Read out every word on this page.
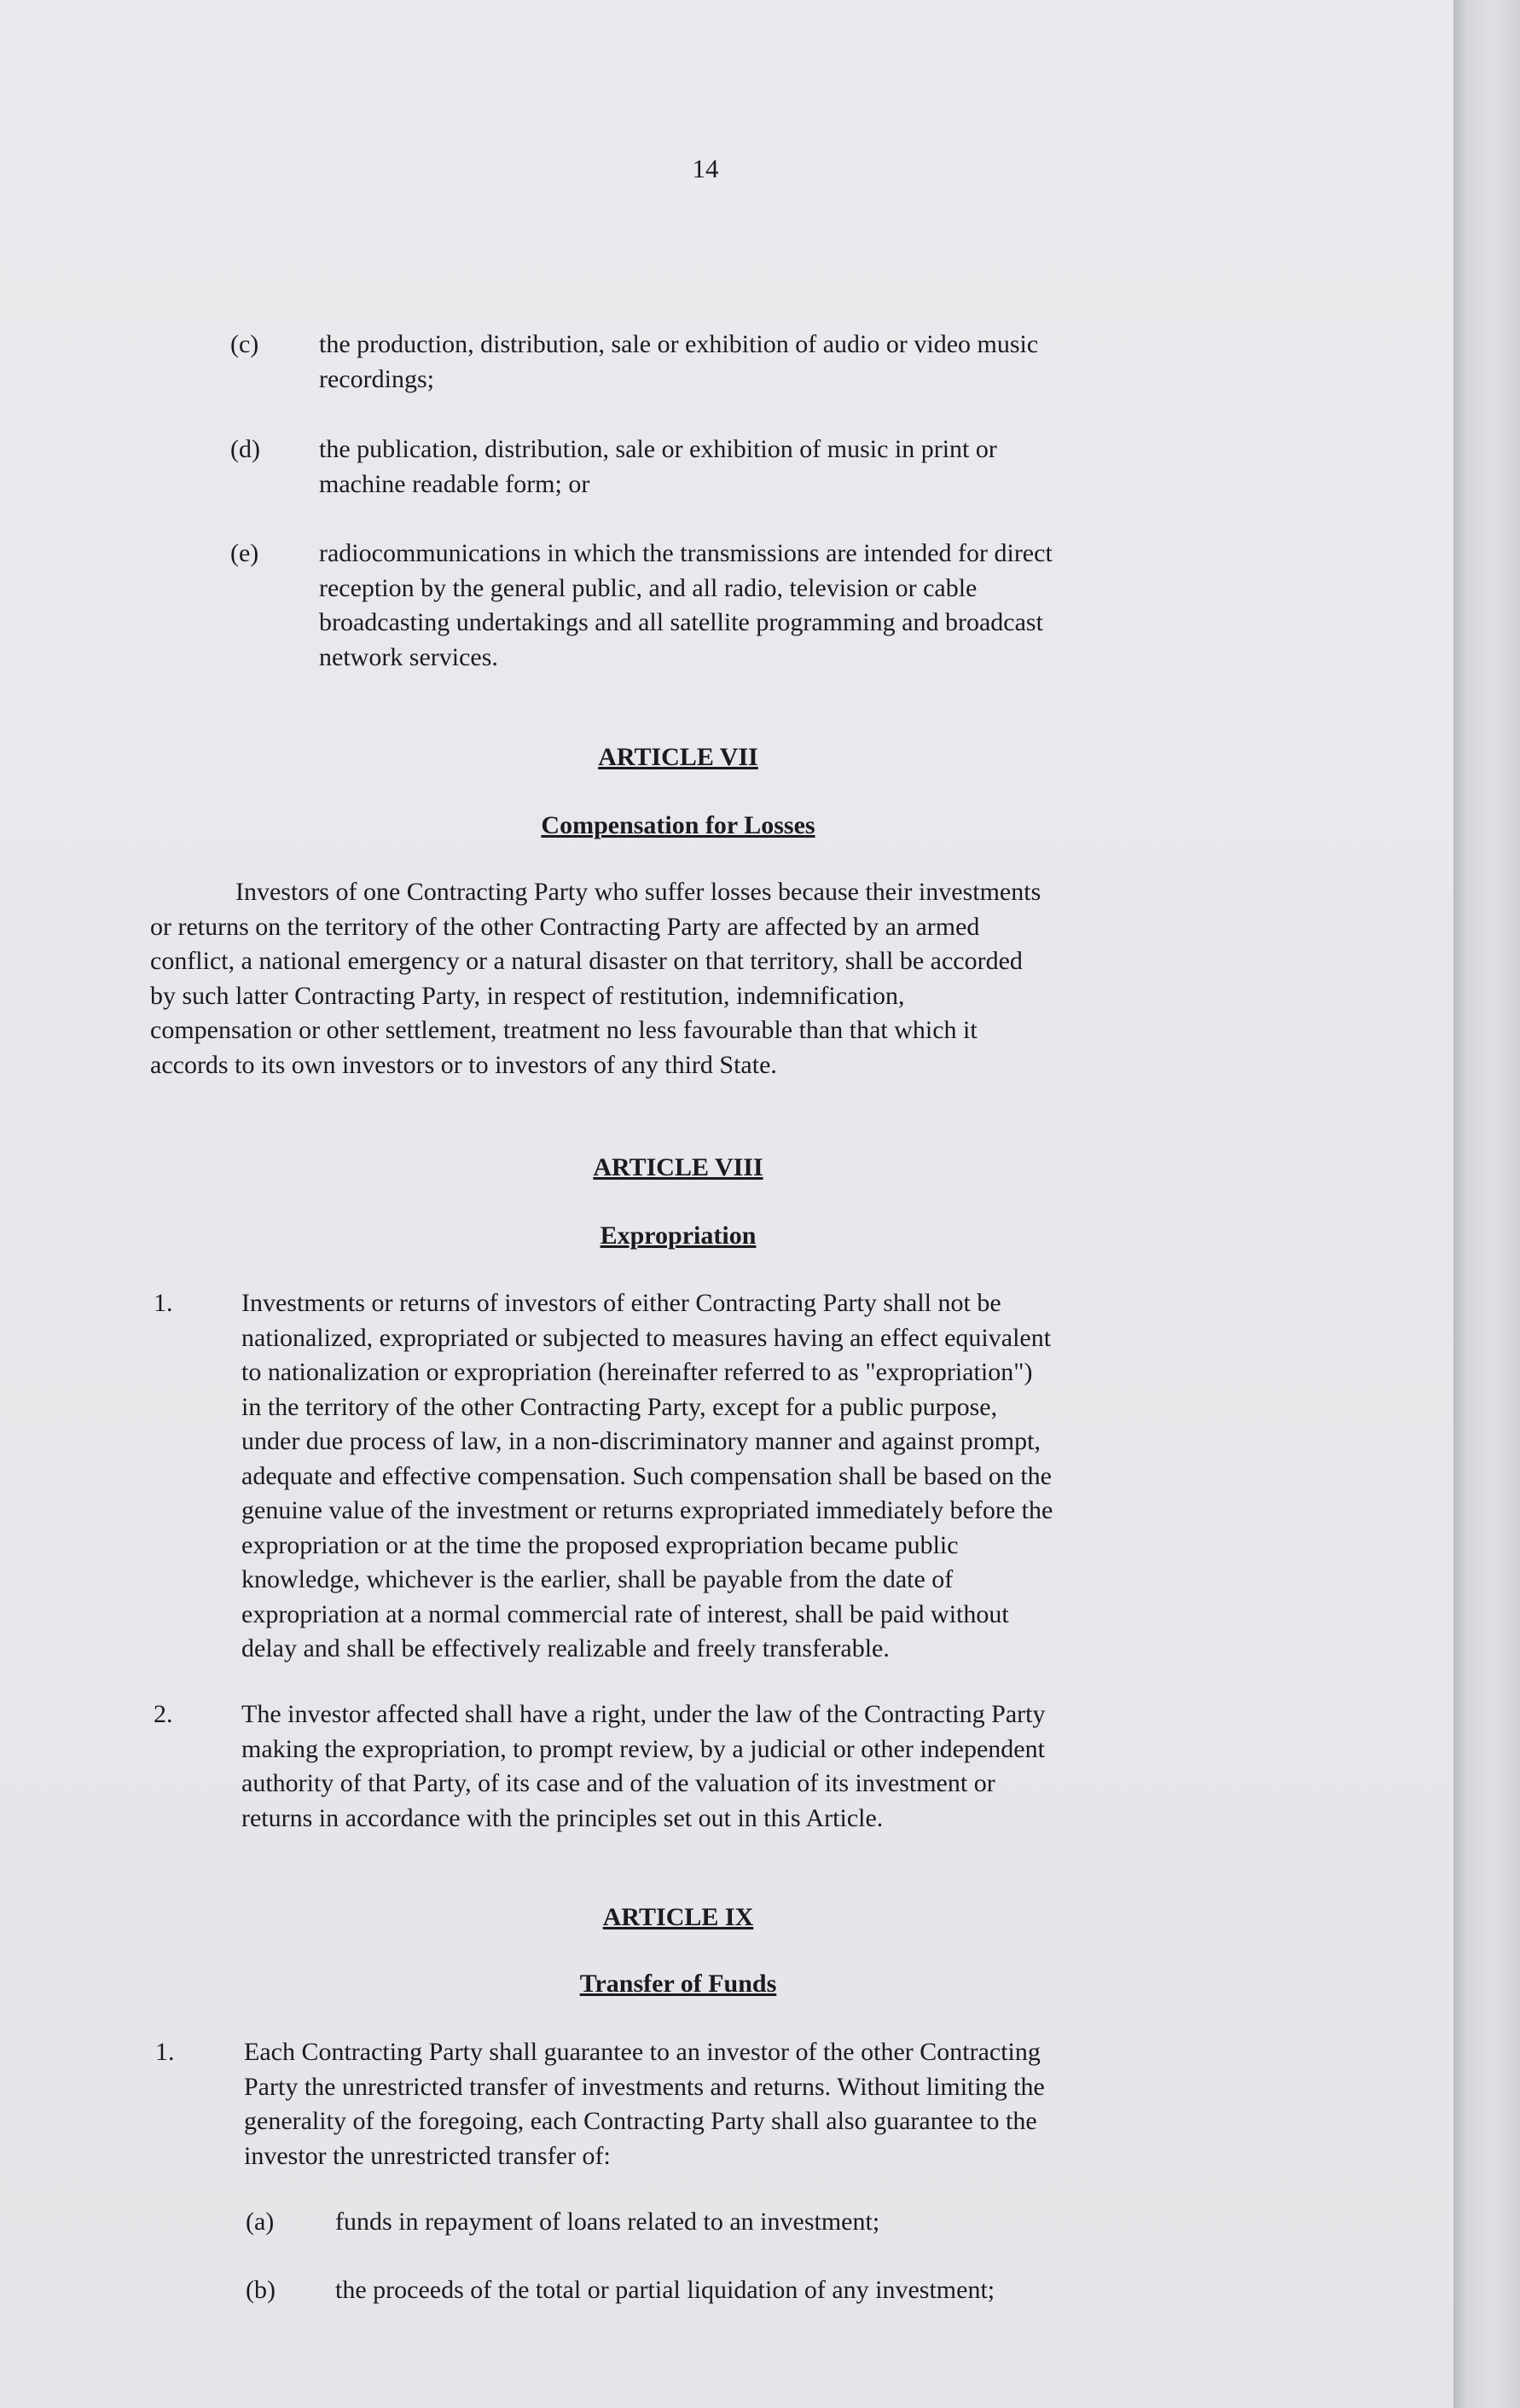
14
(c) the production, distribution, sale or exhibition of audio or video music
recordings;
(d) the publication, distribution, sale or exhibition of music in print or
machine readable form; or
(e) radiocommunications in which the transmissions are intended for direct
reception by the general public, and all radio, television or cable
broadcasting undertakings and all satellite programming and broadcast
network services.
ARTICLE VII
Compensation for Losses
Investors of one Contracting Party who suffer losses because their investments
or returns on the territory of the other Contracting Party are affected by an armed
conflict, a national emergency or a natural disaster on that territory, shall be accorded
by such latter Contracting Party, in respect of restitution, indemnification,
compensation or other settlement, treatment no less favourable than that which it
accords to its own investors or to investors of any third State.
ARTICLE VIII
Expropriation
1.	Investments or returns of investors of either Contracting Party shall not be
nationalized, expropriated or subjected to measures having an effect equivalent
to nationalization or expropriation (hereinafter referred to as "expropriation")
in the territory of the other Contracting Party, except for a public purpose,
under due process of law, in a non-discriminatory manner and against prompt,
adequate and effective compensation. Such compensation shall be based on the
genuine value of the investment or returns expropriated immediately before the
expropriation or at the time the proposed expropriation became public
knowledge, whichever is the earlier, shall be payable from the date of
expropriation at a normal commercial rate of interest, shall be paid without
delay and shall be effectively realizable and freely transferable.
2.	The investor affected shall have a right, under the law of the Contracting Party
making the expropriation, to prompt review, by a judicial or other independent
authority of that Party, of its case and of the valuation of its investment or
returns in accordance with the principles set out in this Article.
ARTICLE IX
Transfer of Funds
1.	Each Contracting Party shall guarantee to an investor of the other Contracting
Party the unrestricted transfer of investments and returns. Without limiting the
generality of the foregoing, each Contracting Party shall also guarantee to the
investor the unrestricted transfer of:
(a) funds in repayment of loans related to an investment;
(b) the proceeds of the total or partial liquidation of any investment;
